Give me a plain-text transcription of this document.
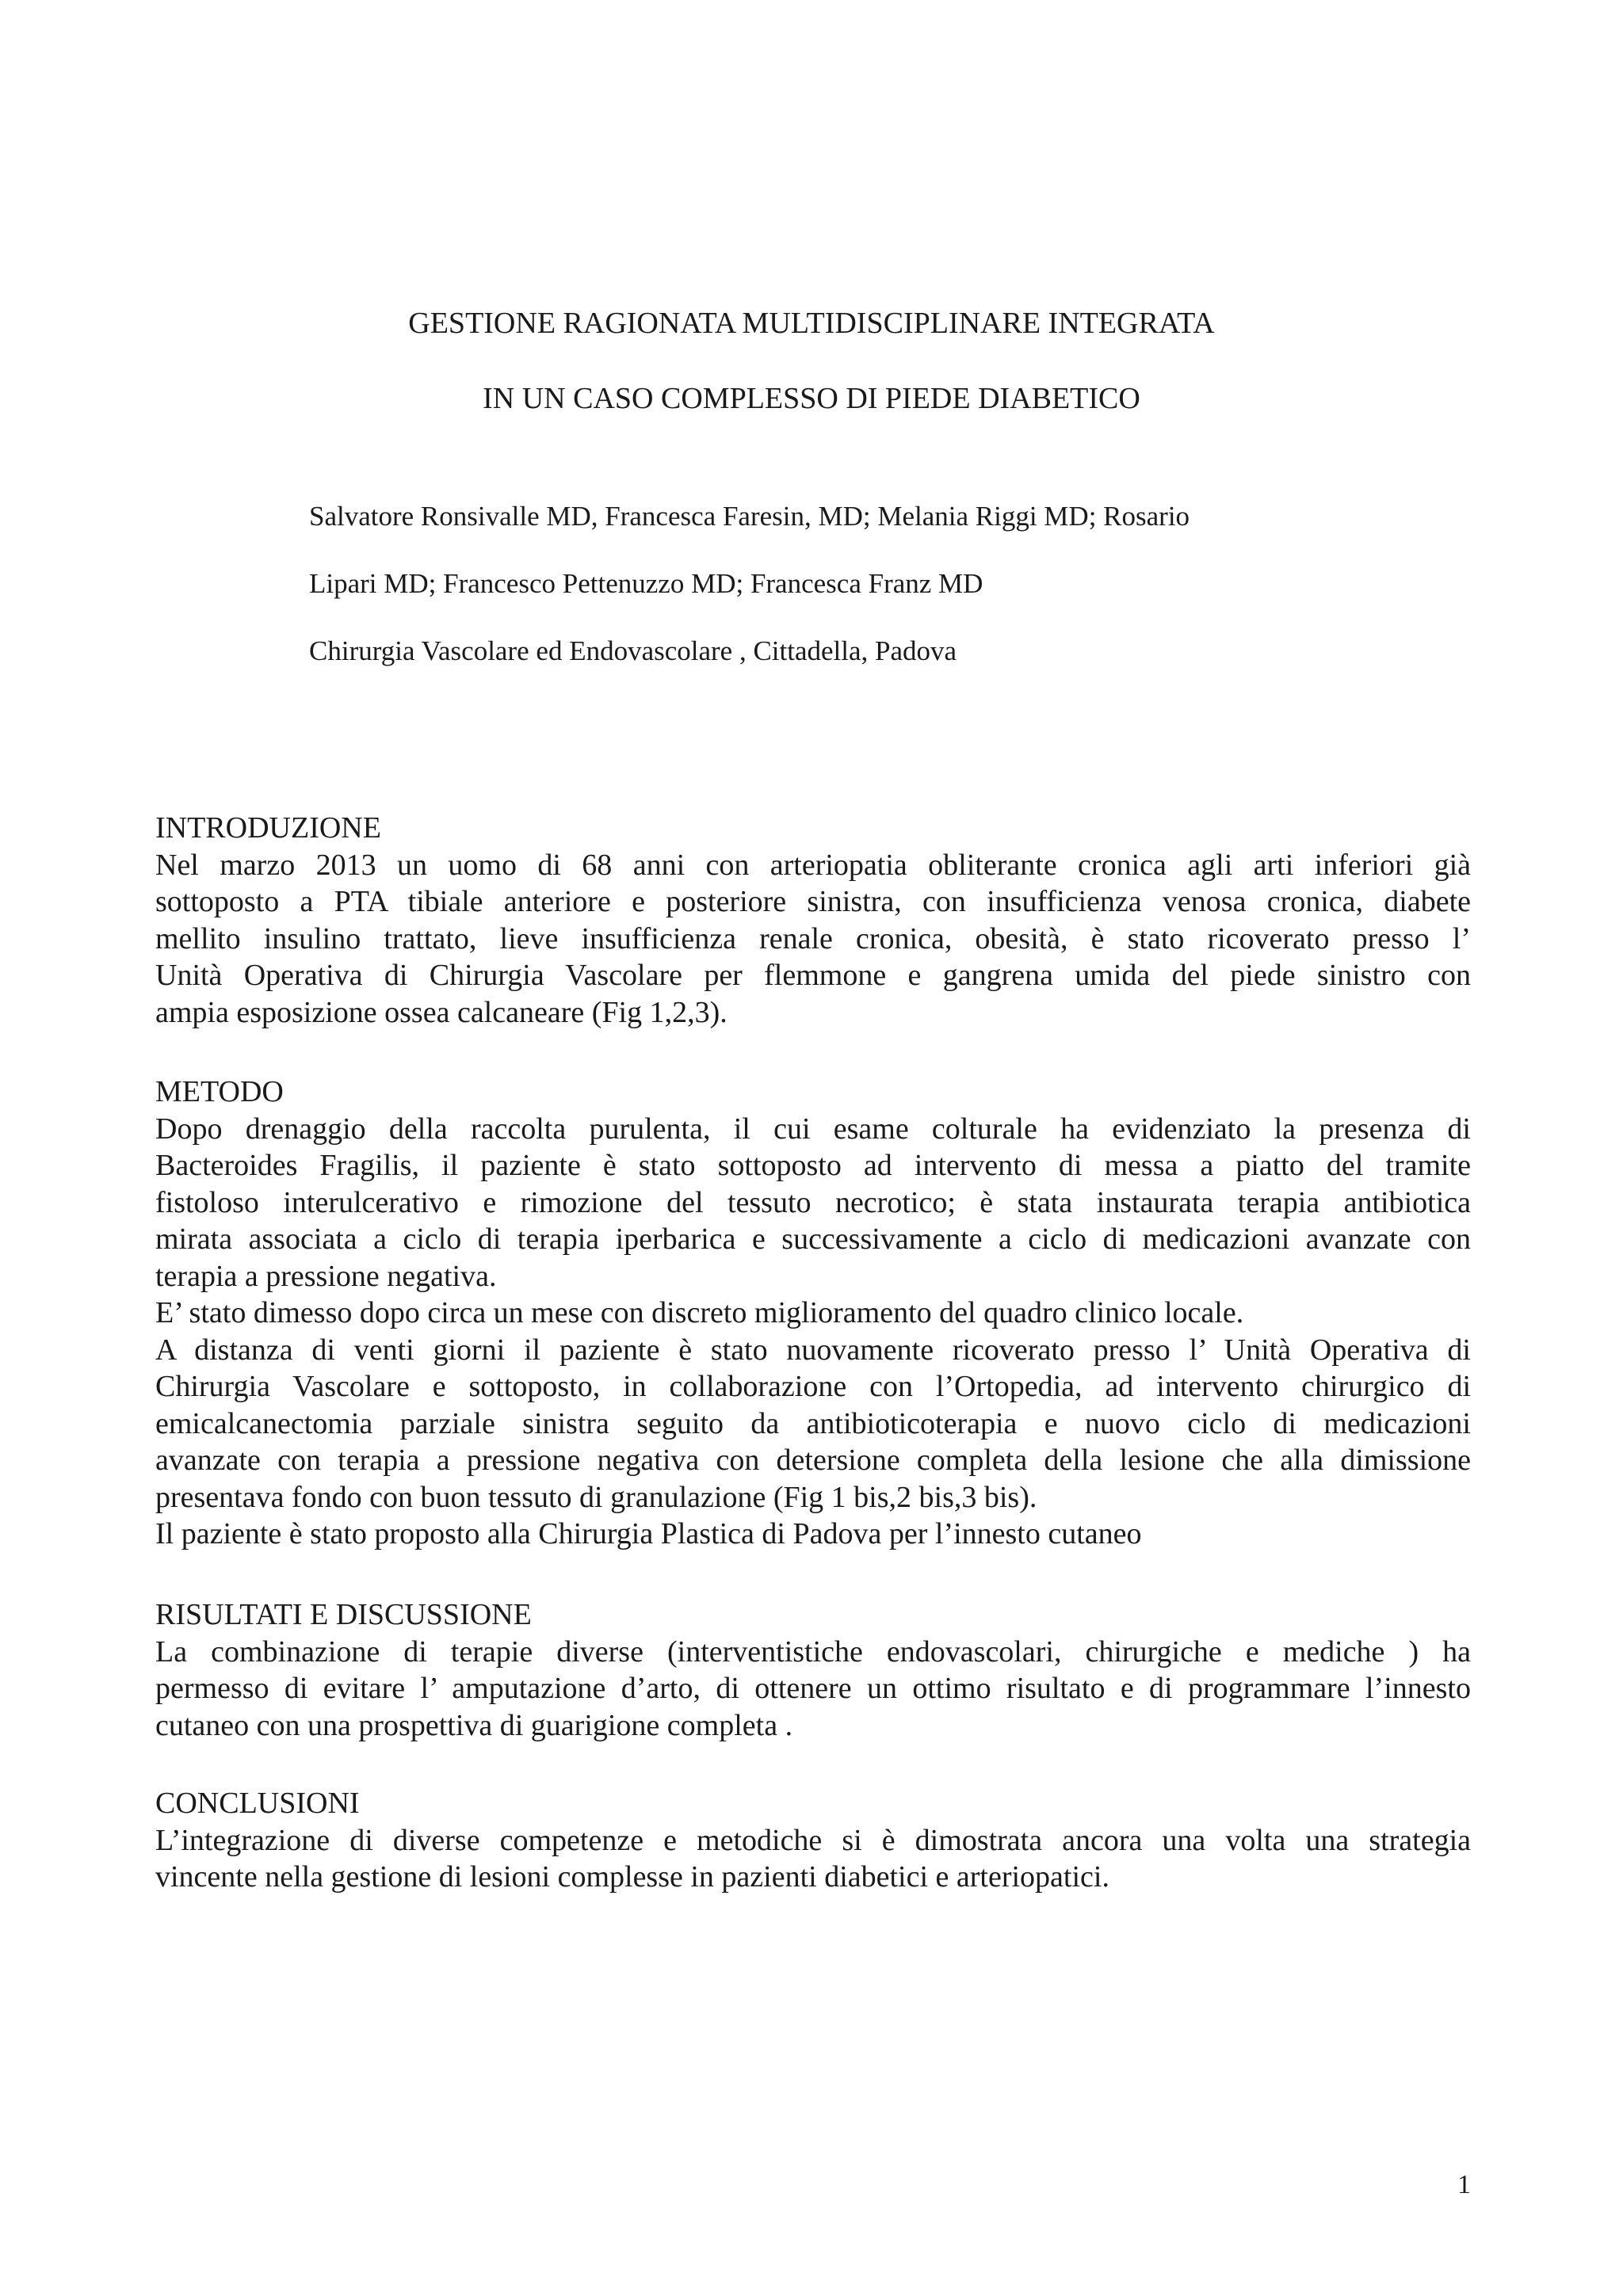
GESTIONE RAGIONATA MULTIDISCIPLINARE INTEGRATA
IN UN CASO COMPLESSO DI PIEDE DIABETICO

Salvatore Ronsivalle MD, Francesca Faresin, MD; Melania Riggi MD; Rosario

Lipari MD; Francesco Pettenuzzo MD; Francesca Franz MD

Chirurgia Vascolare ed Endovascolare , Cittadella, Padova

INTRODUZIONE
Nel marzo 2013 un uomo di 68 anni con arteriopatia obliterante cronica agli arti inferiori già
sottoposto a PTA tibiale anteriore e posteriore sinistra, con insufficienza venosa cronica, diabete
mellito insulino trattato, lieve insufficienza renale cronica, obesità, è stato ricoverato presso l’
Unità Operativa di Chirurgia Vascolare per flemmone e gangrena umida del piede sinistro con
ampia esposizione ossea calcaneare (Fig 1,2,3).
METODO
Dopo drenaggio della raccolta purulenta, il cui esame colturale ha evidenziato la presenza di
Bacteroides Fragilis, il paziente è stato sottoposto ad intervento di messa a piatto del tramite
fistoloso interulcerativo e rimozione del tessuto necrotico; è stata instaurata terapia antibiotica
mirata associata a ciclo di terapia iperbarica e successivamente a ciclo di medicazioni avanzate con
terapia a pressione negativa.
E’ stato dimesso dopo circa un mese con discreto miglioramento del quadro clinico locale.
A distanza di venti giorni il paziente è stato nuovamente ricoverato presso l’ Unità Operativa di
Chirurgia Vascolare e sottoposto, in collaborazione con l’Ortopedia, ad intervento chirurgico di
emicalcanectomia parziale sinistra seguito da antibioticoterapia e nuovo ciclo di medicazioni
avanzate con terapia a pressione negativa con detersione completa della lesione che alla dimissione
presentava fondo con buon tessuto di granulazione (Fig 1 bis,2 bis,3 bis).
Il paziente è stato proposto alla Chirurgia Plastica di Padova per l’innesto cutaneo
RISULTATI E DISCUSSIONE
La combinazione di terapie diverse (interventistiche endovascolari, chirurgiche e mediche ) ha
permesso di evitare l’ amputazione d’arto, di ottenere un ottimo risultato e di programmare l’innesto
cutaneo con una prospettiva di guarigione completa .
CONCLUSIONI
L’integrazione di diverse competenze e metodiche si è dimostrata ancora una volta una strategia
vincente nella gestione di lesioni complesse in pazienti diabetici e arteriopatici.
1
